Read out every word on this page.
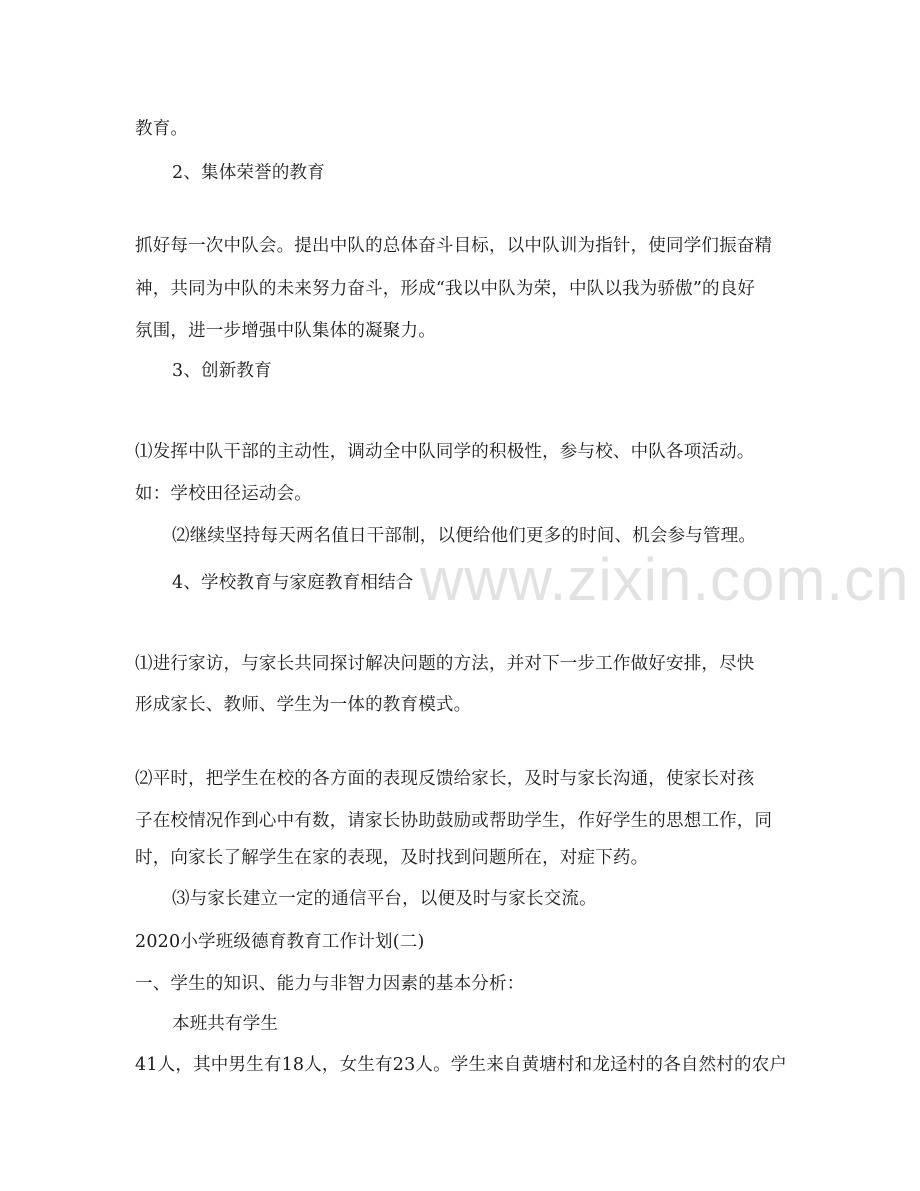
www.zixin.com.cn
教育。
2、集体荣誉的教育
抓好每一次中队会。提出中队的总体奋斗目标，以中队训为指针，使同学们振奋精
神，共同为中队的未来努力奋斗，形成“我以中队为荣，中队以我为骄傲”的良好
氛围，进一步增强中队集体的凝聚力。
3、创新教育
⑴发挥中队干部的主动性，调动全中队同学的积极性，参与校、中队各项活动。
如：学校田径运动会。
⑵继续坚持每天两名值日干部制，以便给他们更多的时间、机会参与管理。
4、学校教育与家庭教育相结合
⑴进行家访，与家长共同探讨解决问题的方法，并对下一步工作做好安排，尽快
形成家长、教师、学生为一体的教育模式。
⑵平时，把学生在校的各方面的表现反馈给家长，及时与家长沟通，使家长对孩
子在校情况作到心中有数，请家长协助鼓励或帮助学生，作好学生的思想工作，同
时，向家长了解学生在家的表现，及时找到问题所在，对症下药。
⑶与家长建立一定的通信平台，以便及时与家长交流。
2020小学班级德育教育工作计划(二)
一、学生的知识、能力与非智力因素的基本分析：
本班共有学生
41人，其中男生有18人，女生有23人。学生来自黄塘村和龙迳村的各自然村的农户
